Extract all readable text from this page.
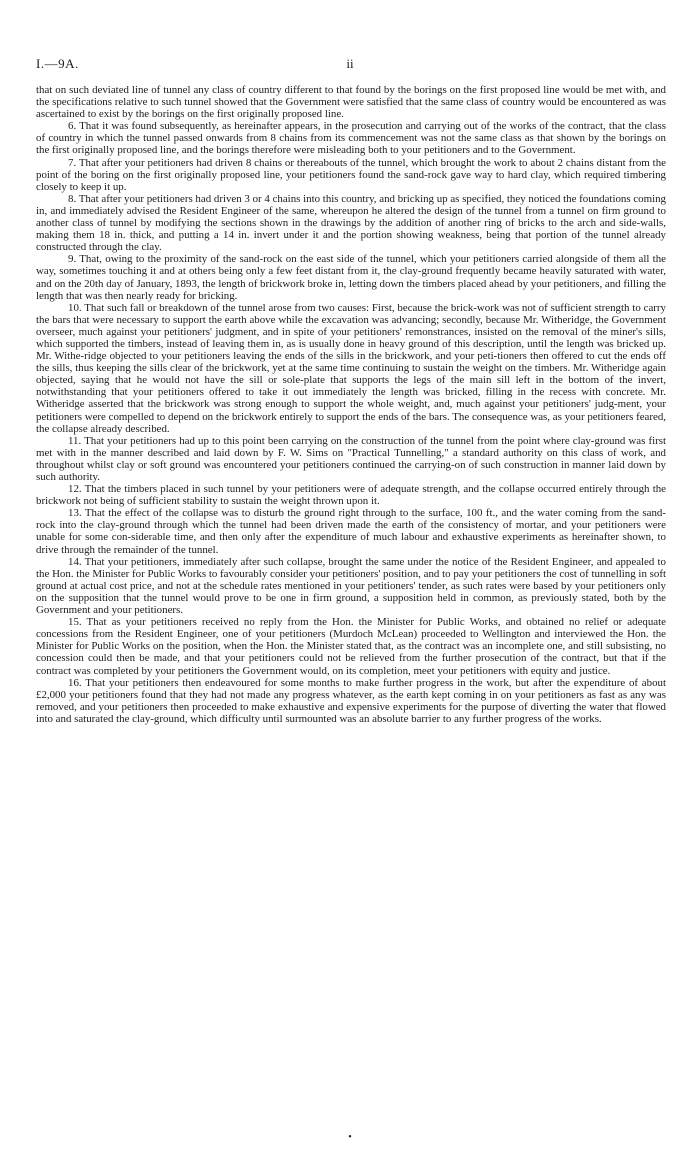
I.—9A.	ii

that on such deviated line of tunnel any class of country different to that found by the borings on the first proposed line would be met with, and the specifications relative to such tunnel showed that the Government were satisfied that the same class of country would be encountered as was ascertained to exist by the borings on the first originally proposed line.

6. That it was found subsequently, as hereinafter appears, in the prosecution and carrying out of the works of the contract, that the class of country in which the tunnel passed onwards from 8 chains from its commencement was not the same class as that shown by the borings on the first originally proposed line, and the borings therefore were misleading both to your petitioners and to the Government.

7. That after your petitioners had driven 8 chains or thereabouts of the tunnel, which brought the work to about 2 chains distant from the point of the boring on the first originally proposed line, your petitioners found the sand-rock gave way to hard clay, which required timbering closely to keep it up.

8. That after your petitioners had driven 3 or 4 chains into this country, and bricking up as specified, they noticed the foundations coming in, and immediately advised the Resident Engineer of the same, whereupon he altered the design of the tunnel from a tunnel on firm ground to another class of tunnel by modifying the sections shown in the drawings by the addition of another ring of bricks to the arch and side-walls, making them 18 in. thick, and putting a 14 in. invert under it and the portion showing weakness, being that portion of the tunnel already constructed through the clay.

9. That, owing to the proximity of the sand-rock on the east side of the tunnel, which your petitioners carried alongside of them all the way, sometimes touching it and at others being only a few feet distant from it, the clay-ground frequently became heavily saturated with water, and on the 20th day of January, 1893, the length of brickwork broke in, letting down the timbers placed ahead by your petitioners, and filling the length that was then nearly ready for bricking.

10. That such fall or breakdown of the tunnel arose from two causes: First, because the brick-work was not of sufficient strength to carry the bars that were necessary to support the earth above while the excavation was advancing; secondly, because Mr. Witheridge, the Government overseer, much against your petitioners' judgment, and in spite of your petitioners' remonstrances, insisted on the removal of the miner's sills, which supported the timbers, instead of leaving them in, as is usually done in heavy ground of this description, until the length was bricked up. Mr. Withe-ridge objected to your petitioners leaving the ends of the sills in the brickwork, and your peti-tioners then offered to cut the ends off the sills, thus keeping the sills clear of the brickwork, yet at the same time continuing to sustain the weight on the timbers. Mr. Witheridge again objected, saying that he would not have the sill or sole-plate that supports the legs of the main sill left in the bottom of the invert, notwithstanding that your petitioners offered to take it out immediately the length was bricked, filling in the recess with concrete. Mr. Witheridge asserted that the brickwork was strong enough to support the whole weight, and, much against your petitioners' judg-ment, your petitioners were compelled to depend on the brickwork entirely to support the ends of the bars. The consequence was, as your petitioners feared, the collapse already described.

11. That your petitioners had up to this point been carrying on the construction of the tunnel from the point where clay-ground was first met with in the manner described and laid down by F. W. Sims on "Practical Tunnelling," a standard authority on this class of work, and throughout whilst clay or soft ground was encountered your petitioners continued the carrying-on of such construction in manner laid down by such authority.

12. That the timbers placed in such tunnel by your petitioners were of adequate strength, and the collapse occurred entirely through the brickwork not being of sufficient stability to sustain the weight thrown upon it.

13. That the effect of the collapse was to disturb the ground right through to the surface, 100 ft., and the water coming from the sand-rock into the clay-ground through which the tunnel had been driven made the earth of the consistency of mortar, and your petitioners were unable for some con-siderable time, and then only after the expenditure of much labour and exhaustive experiments as hereinafter shown, to drive through the remainder of the tunnel.

14. That your petitioners, immediately after such collapse, brought the same under the notice of the Resident Engineer, and appealed to the Hon. the Minister for Public Works to favourably consider your petitioners' position, and to pay your petitioners the cost of tunnelling in soft ground at actual cost price, and not at the schedule rates mentioned in your petitioners' tender, as such rates were based by your petitioners only on the supposition that the tunnel would prove to be one in firm ground, a supposition held in common, as previously stated, both by the Government and your petitioners.

15. That as your petitioners received no reply from the Hon. the Minister for Public Works, and obtained no relief or adequate concessions from the Resident Engineer, one of your petitioners (Murdoch McLean) proceeded to Wellington and interviewed the Hon. the Minister for Public Works on the position, when the Hon. the Minister stated that, as the contract was an incomplete one, and still subsisting, no concession could then be made, and that your petitioners could not be relieved from the further prosecution of the contract, but that if the contract was completed by your petitioners the Government would, on its completion, meet your petitioners with equity and justice.

16. That your petitioners then endeavoured for some months to make further progress in the work, but after the expenditure of about £2,000 your petitioners found that they had not made any progress whatever, as the earth kept coming in on your petitioners as fast as any was removed, and your petitioners then proceeded to make exhaustive and expensive experiments for the purpose of diverting the water that flowed into and saturated the clay-ground, which difficulty until surmounted was an absolute barrier to any further progress of the works.

•
